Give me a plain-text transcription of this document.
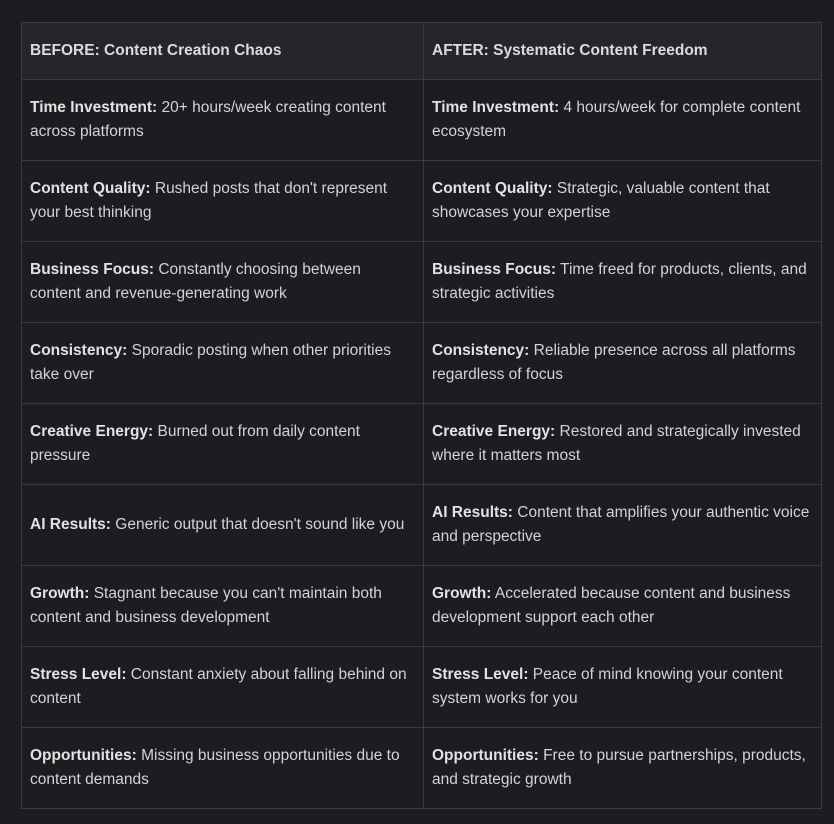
BEFORE: Content Creation Chaos	AFTER: Systematic Content Freedom
Time Investment: 20+ hours/week creating content across platforms	Time Investment: 4 hours/week for complete content ecosystem
Content Quality: Rushed posts that don't represent your best thinking	Content Quality: Strategic, valuable content that showcases your expertise
Business Focus: Constantly choosing between content and revenue-generating work	Business Focus: Time freed for products, clients, and strategic activities
Consistency: Sporadic posting when other priorities take over	Consistency: Reliable presence across all platforms regardless of focus
Creative Energy: Burned out from daily content pressure	Creative Energy: Restored and strategically invested where it matters most
AI Results: Generic output that doesn't sound like you	AI Results: Content that amplifies your authentic voice and perspective
Growth: Stagnant because you can't maintain both content and business development	Growth: Accelerated because content and business development support each other
Stress Level: Constant anxiety about falling behind on content	Stress Level: Peace of mind knowing your content system works for you
Opportunities: Missing business opportunities due to content demands	Opportunities: Free to pursue partnerships, products, and strategic growth
